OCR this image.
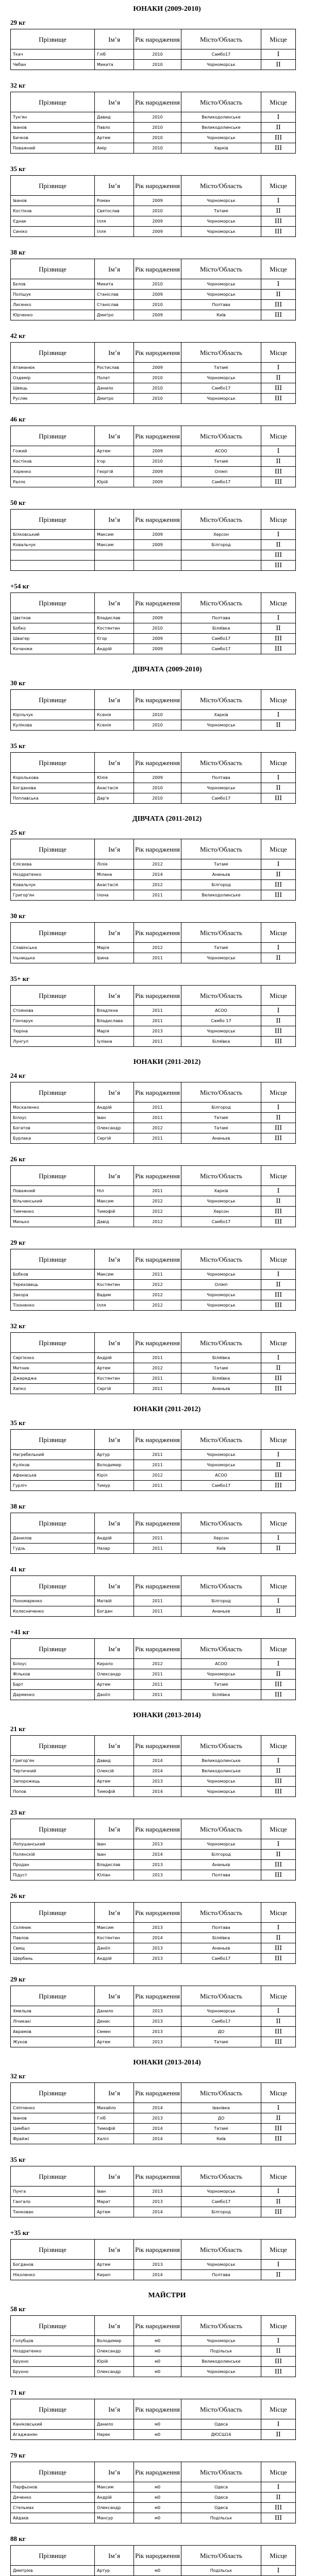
ЮНАКИ (2009-2010)
29 кг
Прізвище	Ім’я	Рік народження	Місто/Область	Місце
Ткач	Гліб	2010	Самбо17	I
Чебан	Микита	2010	Чорноморськ	II
32 кг
Прізвище	Ім’я	Рік народження	Місто/Область	Місце
Тун'ян	Давид	2010	Великодолинське	I
Іванов	Павло	2010	Великодолинське	II
Бичков	Артем	2010	Чорноморськ	III
Поважний	Амір	2010	Харків	III
35 кг
Прізвище	Ім’я	Рік народження	Місто/Область	Місце
Іванов	Роман	2009	Чорноморськ	I
Костіков	Святослав	2010	Татамі	II
Єднак	Ілля	2009	Чорноморськ	III
Синіко	Ілля	2009	Чорноморськ	III
38 кг
Прізвище	Ім’я	Рік народження	Місто/Область	Місце
Бєлов	Микита	2010	Чорноморськ	I
Полішук	Станіслав	2009	Чорноморськ	II
Лисенко	Станіслав	2010	Полтава	III
Юрченко	Дмитро	2009	Київ	III
42 кг
Прізвище	Ім’я	Рік народження	Місто/Область	Місце
Атаманюк	Ростислав	2009	Татамі	I
Оздемір	Полат	2010	Чорноморськ	II
Швець	Данило	2010	Самбо17	III
Русляк	Дмитро	2010	Чорноморськ	III
46 кг
Прізвище	Ім’я	Рік народження	Місто/Область	Місце
Гожий	Артем	2009	АСОО	I
Костіков	Ігор	2010	Татамі	II
Хоренко	Георгій	2009	Олімп	III
Раллє	Юрій	2009	Самбо17	III
50 кг
Прізвище	Ім’я	Рік народження	Місто/Область	Місце
Білковський	Максим	2009	Херсон	I
Ковальчук	Максим	2009	Білгород	II
				III
				III
+54 кг
Прізвище	Ім’я	Рік народження	Місто/Область	Місце
Цвєтков	Владислав	2009	Полтава	I
Бобко	Костянтин	2010	Біляївка	II
Швагер	Єгор	2009	Самбо17	III
Кочанжи	Андрій	2009	Самбо17	III
ДІВЧАТА (2009-2010)
30 кг
Прізвище	Ім’я	Рік народження	Місто/Область	Місце
Кірільчук	Ксенія	2010	Харків	I
Кулікова	Ксенія	2010	Чорноморськ	II
35 кг
Прізвище	Ім’я	Рік народження	Місто/Область	Місце
Королькова	Юлія	2009	Полтава	I
Богданова	Анастасія	2010	Чорноморськ	II
Поплавська	Дар'я	2010	Самбо17	III
ДІВЧАТА (2011-2012)
25 кг
Прізвище	Ім’я	Рік народження	Місто/Область	Місце
Єлісеєва	Лілія	2012	Татамі	I
Ноздратенко	Мілана	2014	Ананьєв	II
Ковальчук	Анастасія	2012	Білгород	III
Григор'ян	Ілона	2011	Великодолинське	III
30 кг
Прізвище	Ім’я	Рік народження	Місто/Область	Місце
Славінська	Марія	2012	Татамі	I
Ільницька	Ірина	2011	Чорноморськ	II
35+ кг
Прізвище	Ім’я	Рік народження	Місто/Область	Місце
Стоянова	Владлєна	2011	АСОО	I
Гончарук	Владислава	2011	Самбо 17	II
Тюріна	Марія	2013	Чорноморськ	III
Лунгул	Іуліана	2011	Біляївка	III
ЮНАКИ (2011-2012)
24 кг
Прізвище	Ім’я	Рік народження	Місто/Область	Місце
Москаленко	Андрій	2011	Білгород	I
Білоус	Іван	2011	Татамі	II
Богатов	Олександр	2012	Татамі	III
Бурлака	Сергій	2011	Ананьєв	III
26 кг
Прізвище	Ім’я	Рік народження	Місто/Область	Місце
Поважний	Ніл	2011	Харків	I
Вільчинський	Максим	2012	Чорноморськ	II
Тимченко	Тимофій	2012	Херсон	III
Минько	Давід	2012	Самбо17	III
29 кг
Прізвище	Ім’я	Рік народження	Місто/Область	Місце
Бобков	Максим	2011	Чорноморськ	I
Тереховець	Костянтин	2012	Олімп	II
Закора	Вадим	2012	Чорноморськ	III
Тіхоненко	Ілля	2012	Чорноморськ	III
32 кг
Прізвище	Ім’я	Рік народження	Місто/Область	Місце
Сергієнко	Андрій	2011	Біляївка	I
Митник	Артем	2012	Татамі	II
Джереджа	Костянтин	2011	Біляївка	III
Хапко	Сергій	2011	Ананьєв	III
ЮНАКИ (2011-2012)
35 кг
Прізвище	Ім’я	Рік народження	Місто/Область	Місце
Нагребельний	Артур	2011	Чорноморськ	I
Куліков	Володимир	2011	Чорноморськ	II
Афанасьєв	Кіріл	2012	АСОО	III
Гурліч	Тимур	2011	Самбо17	III
38 кг
Прізвище	Ім’я	Рік народження	Місто/Область	Місце
Данилов	Андрій	2011	Херсон	I
Гудзь	Назар	2011	Київ	II
41 кг
Прізвище	Ім’я	Рік народження	Місто/Область	Місце
Пономаренко	Матвій	2011	Білгород	I
Колесниченко	Богдан	2011	Ананьєв	II
+41 кг
Прізвище	Ім’я	Рік народження	Місто/Область	Місце
Білоус	Кирило	2012	АСОО	I
Фільков	Олександр	2011	Чорноморськ	II
Барт	Артем	2011	Татамі	III
Дарменко	Даніїл	2011	Біляївка	III
ЮНАКИ (2013-2014)
21 кг
Прізвище	Ім’я	Рік народження	Місто/Область	Місце
Григор'ян	Давид	2014	Великодолинське	I
Тертичний	Олексій	2014	Великодолинське	II
Запорожець	Артем	2013	Чорноморськ	III
Попов	Тимофій	2014	Чорноморськ	III
23 кг
Прізвище	Ім’я	Рік народження	Місто/Область	Місце
Лопушанський	Іван	2013	Чорноморськ	I
Полянскій	Іван	2014	Білгород	II
Продан	Владислав	2013	Ананьєв	III
Підуст	Юліан	2013	Полтава	III
26 кг
Прізвище	Ім’я	Рік народження	Місто/Область	Місце
Соляник	Максим	2013	Полтава	I
Павлов	Костянтин	2014	Біляївка	II
Свищ	Даніїл	2013	Ананьєв	III
Щербань	Андрій	2013	Самбо17	III
29 кг
Прізвище	Ім’я	Рік народження	Місто/Область	Місце
Хмельов	Данило	2013	Чорноморськ	I
Лічикакі	Денис	2013	Самбо17	II
Аврамов	Семен	2013	ДО	III
Жуков	Артем	2013	Татамі	III
ЮНАКИ (2013-2014)
32 кг
Прізвище	Ім’я	Рік народження	Місто/Область	Місце
Сліпченко	Михайло	2014	Іванівка	I
Іванов	Гліб	2013	ДО	II
Цимбал	Тимофій	2014	Татамі	III
Фрайжі	Халіл	2014	Київ	III
35 кг
Прізвище	Ім’я	Рік народження	Місто/Область	Місце
Пунга	Іван	2013	Чорноморськ	I
Гангало	Марат	2013	Самбо17	II
Тинкован	Артем	2014	Білгород	III
+35 кг
Прізвище	Ім’я	Рік народження	Місто/Область	Місце
Богданов	Артем	2013	Чорноморськ	I
Ніколенко	Кирил	2014	Полтава	II
МАЙСТРИ
58 кг
Прізвище	Ім’я	Рік народження	Місто/Область	Місце
Голубцов	Володимир	м0	Чорноморськ	I
Ноздратенко	Олександр	м0	Подільськ	II
Брухно	Юрій	м0	Великодолинське	III
Брухно	Олександр	м0	Чорноморськ	III
71 кг
Прізвище	Ім’я	Рік народження	Місто/Область	Місце
Каніковський	Данило	м0	Одеса	I
Агаджанян	Нарек	м0	ДЮСШ16	II
79 кг
Прізвище	Ім’я	Рік народження	Місто/Область	Місце
Парфьонов	Максим	м0	Одеса	I
Дяченко	Андрій	м0	Одеса	II
Стельмах	Олександр	м0	Одеса	III
Айдаєв	Мансур	м0	Подільськ	III
88 кг
Прізвище	Ім’я	Рік народження	Місто/Область	Місце
Дмитрієв	Артур	м0	Подільськ	I
